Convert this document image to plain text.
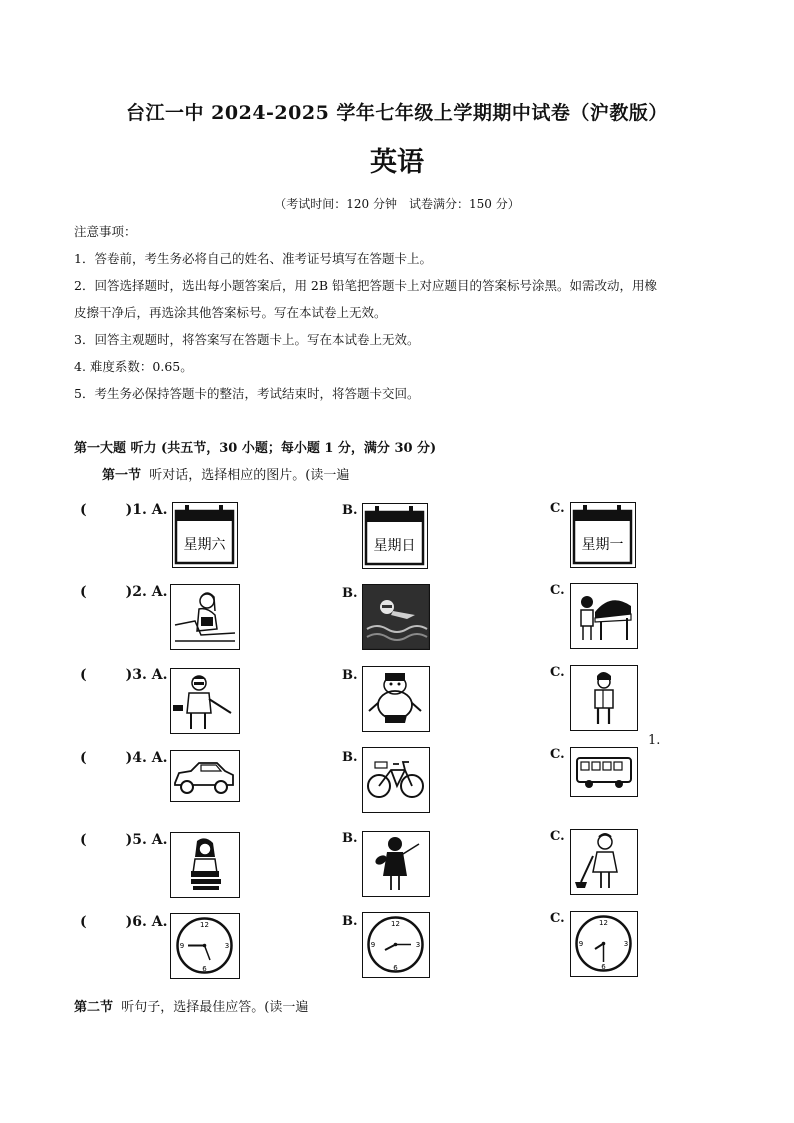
台江一中 2024-2025 学年七年级上学期期中试卷（沪教版）
英语
（考试时间：120 分钟　试卷满分：150 分）
注意事项：
1．答卷前，考生务必将自己的姓名、准考证号填写在答题卡上。
2．回答选择题时，选出每小题答案后，用 2B 铅笔把答题卡上对应题目的答案标号涂黑。如需改动，用橡
皮擦干净后，再选涂其他答案标号。写在本试卷上无效。
3．回答主观题时，将答案写在答题卡上。写在本试卷上无效。
4. 难度系数：0.65。
5．考生务必保持答题卡的整洁，考试结束时，将答题卡交回。
第一大题 听力 (共五节，30 小题；每小题 1 分，满分 30 分)
第一节 听对话，选择相应的图片。(读一遍
(        )1. A.	B.	C.
星期六	星期日	星期一
(        )2. A.	B.	C.
(        )3. A.	B.	C.
(        )4. A.	B.	C.
1.
(        )5. A.	B.	C.
(        )6. A.	B.	C.
12
3
6
9
12
3
6
9
12
3
6
9
第二节 听句子，选择最佳应答。(读一遍
